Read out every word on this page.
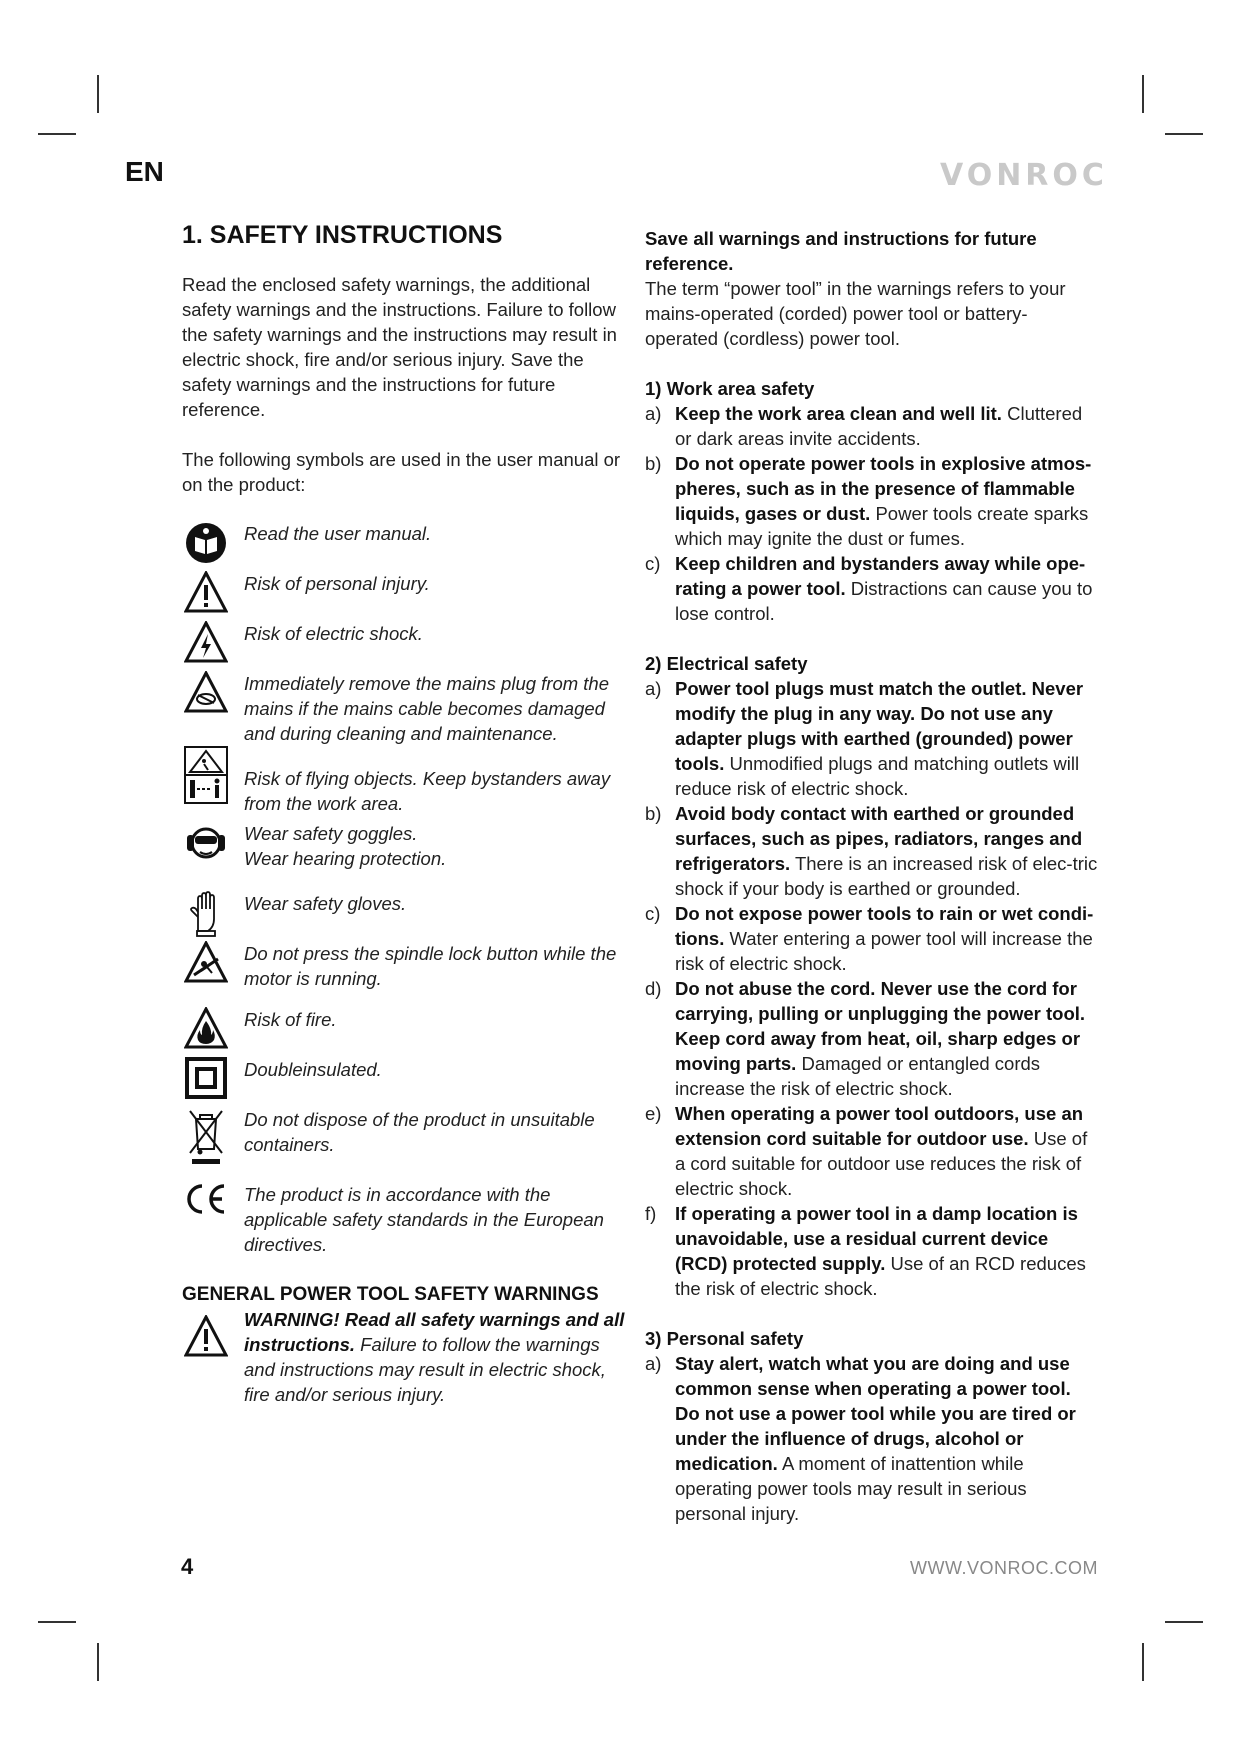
EN	VONROC
1. SAFETY INSTRUCTIONS

Read the enclosed safety warnings, the additional safety warnings and the instructions. Failure to follow the safety warnings and the instructions may result in electric shock, fire and/or serious injury. Save the safety warnings and the instructions for future reference.

The following symbols are used in the user manual or on the product:

Read the user manual.
Risk of personal injury.
Risk of electric shock.
Immediately remove the mains plug from the mains if the mains cable becomes damaged and during cleaning and maintenance.
Risk of flying objects. Keep bystanders away from the work area.
Wear safety goggles.
Wear hearing protection.
Wear safety gloves.
Do not press the spindle lock button while the motor is running.
Risk of fire.
Doubleinsulated.
Do not dispose of the product in unsuitable containers.
The product is in accordance with the applicable safety standards in the European directives.
GENERAL POWER TOOL SAFETY WARNINGS
WARNING! Read all safety warnings and all instructions. Failure to follow the warnings and instructions may result in electric shock, fire and/or serious injury.

Save all warnings and instructions for future reference.

The term “power tool” in the warnings refers to your mains-operated (corded) power tool or battery-operated (cordless) power tool.

1) Work area safety

a) Keep the work area clean and well lit. Cluttered or dark areas invite accidents.
b) Do not operate power tools in explosive atmos-pheres, such as in the presence of flammable liquids, gases or dust. Power tools create sparks which may ignite the dust or fumes.
c) Keep children and bystanders away while ope-rating a power tool. Distractions can cause you to lose control.

2) Electrical safety

a) Power tool plugs must match the outlet. Never modify the plug in any way. Do not use any adapter plugs with earthed (grounded) power tools. Unmodified plugs and matching outlets will reduce risk of electric shock.
b) Avoid body contact with earthed or grounded surfaces, such as pipes, radiators, ranges and refrigerators. There is an increased risk of elec-tric shock if your body is earthed or grounded.
c) Do not expose power tools to rain or wet condi-tions. Water entering a power tool will increase the risk of electric shock.
d) Do not abuse the cord. Never use the cord for carrying, pulling or unplugging the power tool. Keep cord away from heat, oil, sharp edges or moving parts. Damaged or entangled cords increase the risk of electric shock.
e) When operating a power tool outdoors, use an extension cord suitable for outdoor use. Use of a cord suitable for outdoor use reduces the risk of electric shock.
f)	If operating a power tool in a damp location is unavoidable, use a residual current device (RCD) protected supply. Use of an RCD reduces the risk of electric shock.

3) Personal safety

a) Stay alert, watch what you are doing and use common sense when operating a power tool. Do not use a power tool while you are tired or under the influence of drugs, alcohol or medication. A moment of inattention while operating power tools may result in serious personal injury.
4	WWW.VONROC.COM
